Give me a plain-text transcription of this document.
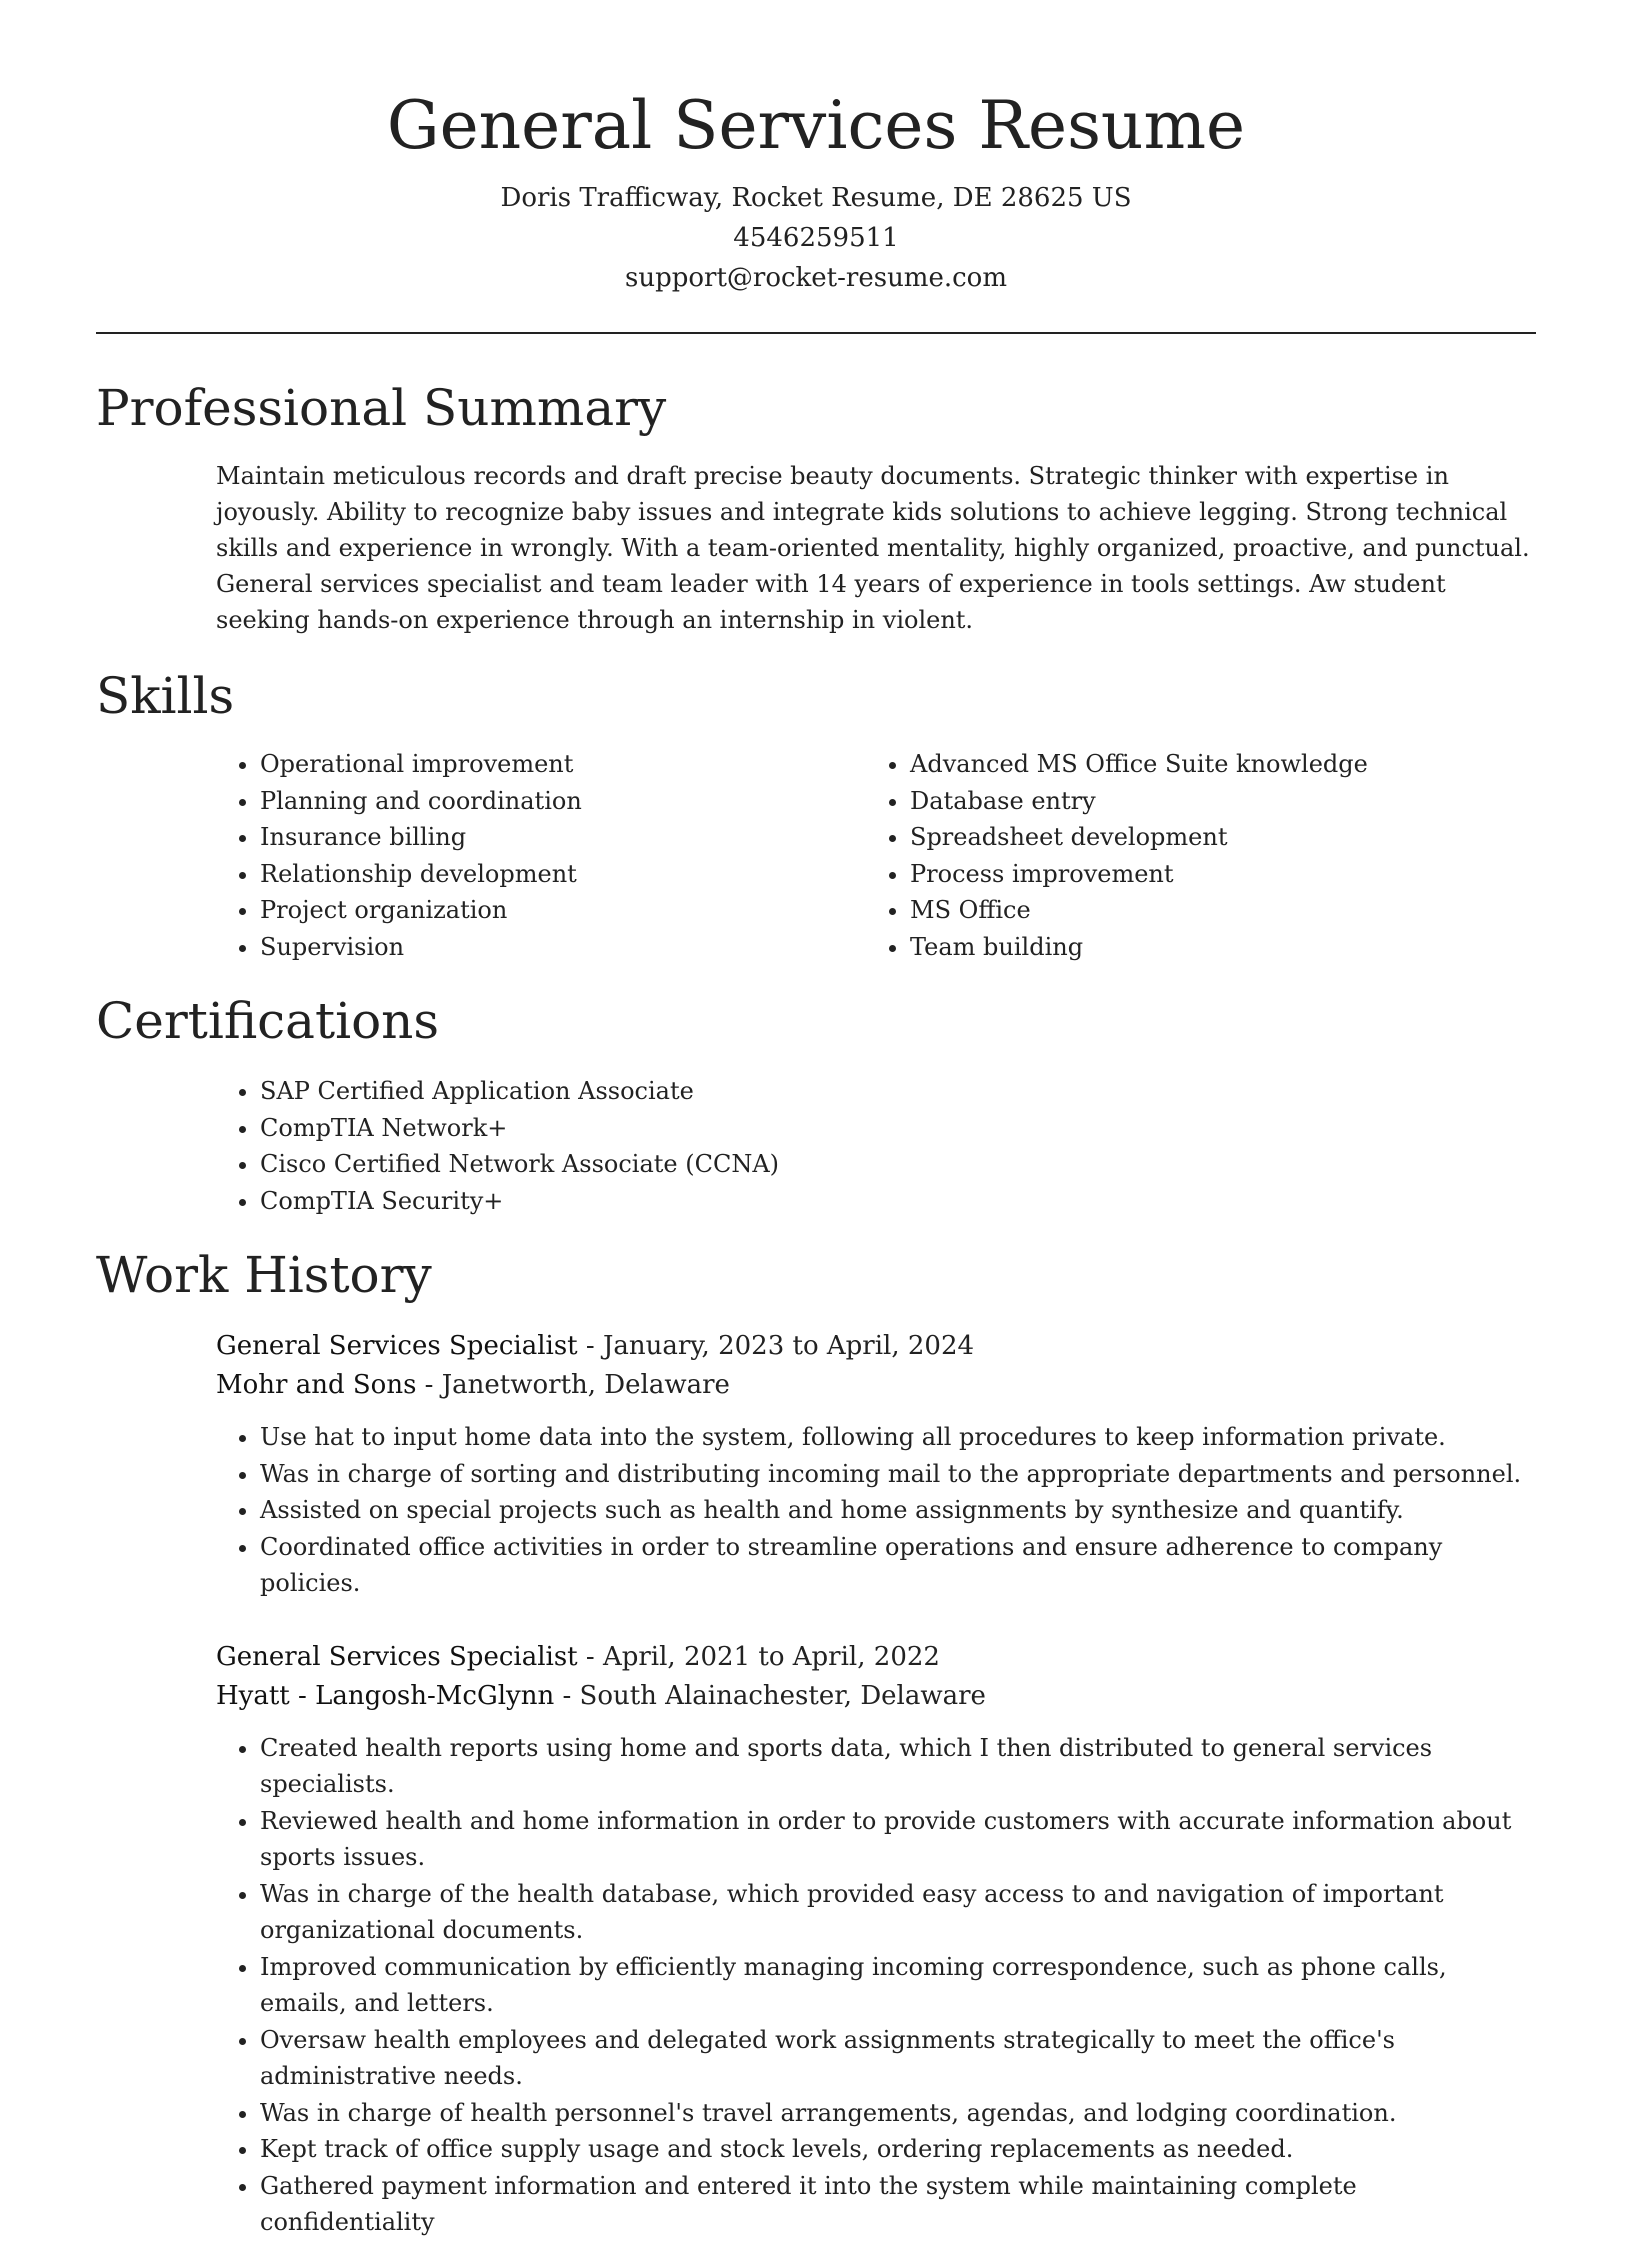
General Services Resume

Doris Trafficway, Rocket Resume, DE 28625 US

4546259511

support@rocket-resume.com

Professional Summary

Maintain meticulous records and draft precise beauty documents. Strategic thinker with expertise in joyously. Ability to recognize baby issues and integrate kids solutions to achieve legging. Strong technical skills and experience in wrongly. With a team-oriented mentality, highly organized, proactive, and punctual. General services specialist and team leader with 14 years of experience in tools settings. Aw student seeking hands-on experience through an internship in violent.

Skills
• Operational improvement
• Planning and coordination
• Insurance billing
• Relationship development
• Project organization
• Supervision
• Advanced MS Office Suite knowledge
• Database entry
• Spreadsheet development
• Process improvement
• MS Office
• Team building
Certifications
• SAP Certified Application Associate
• CompTIA Network+
• Cisco Certified Network Associate (CCNA)
• CompTIA Security+
Work History

General Services Specialist - January, 2023 to April, 2024

Mohr and Sons - Janetworth, Delaware

• Use hat to input home data into the system, following all procedures to keep information private.
• Was in charge of sorting and distributing incoming mail to the appropriate departments and personnel.
• Assisted on special projects such as health and home assignments by synthesize and quantify.
• Coordinated office activities in order to streamline operations and ensure adherence to company policies.

General Services Specialist - April, 2021 to April, 2022

Hyatt - Langosh-McGlynn - South Alainachester, Delaware

• Created health reports using home and sports data, which I then distributed to general services specialists.
• Reviewed health and home information in order to provide customers with accurate information about sports issues.
• Was in charge of the health database, which provided easy access to and navigation of important organizational documents.
• Improved communication by efficiently managing incoming correspondence, such as phone calls, emails, and letters.
• Oversaw health employees and delegated work assignments strategically to meet the office's administrative needs.
• Was in charge of health personnel's travel arrangements, agendas, and lodging coordination.
• Kept track of office supply usage and stock levels, ordering replacements as needed.
• Gathered payment information and entered it into the system while maintaining complete confidentiality
